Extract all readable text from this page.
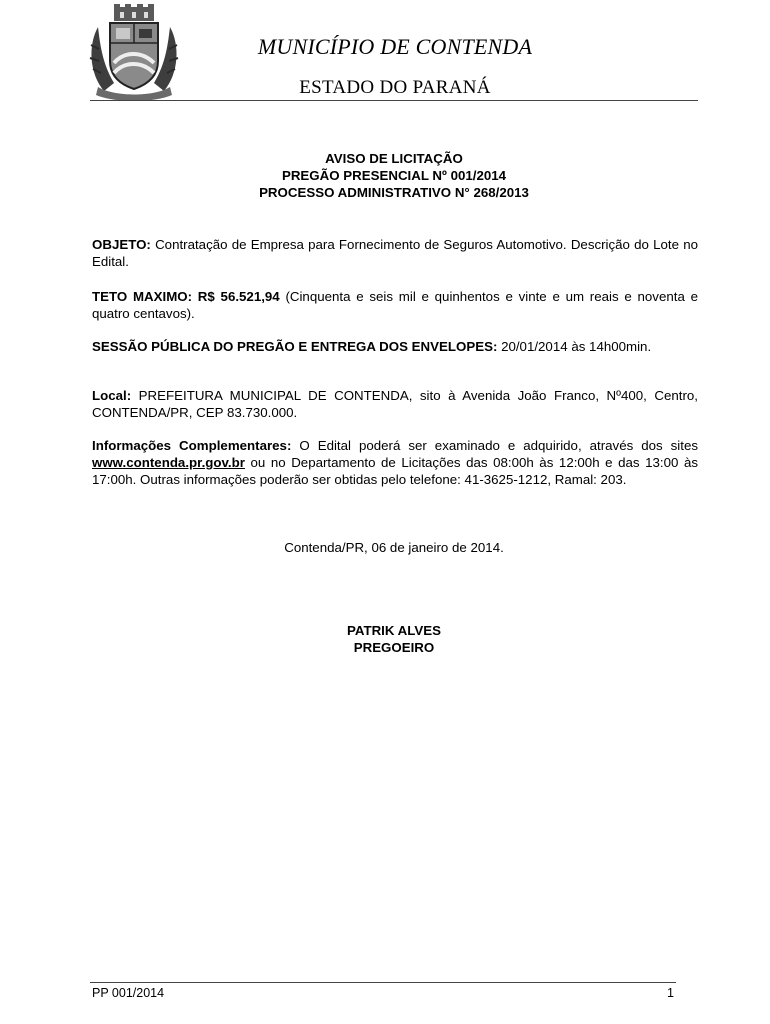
MUNICÍPIO DE CONTENDA
ESTADO DO PARANÁ
AVISO DE LICITAÇÃO
PREGÃO PRESENCIAL Nº 001/2014
PROCESSO ADMINISTRATIVO N° 268/2013
OBJETO: Contratação de Empresa para Fornecimento de Seguros Automotivo. Descrição do Lote no Edital.
TETO MAXIMO: R$ 56.521,94 (Cinquenta e seis mil e quinhentos e vinte e um reais e noventa e quatro centavos).
SESSÃO PÚBLICA DO PREGÃO E ENTREGA DOS ENVELOPES: 20/01/2014 às 14h00min.
Local: PREFEITURA MUNICIPAL DE CONTENDA, sito à Avenida João Franco, Nº400, Centro, CONTENDA/PR, CEP 83.730.000.
Informações Complementares: O Edital poderá ser examinado e adquirido, através dos sites www.contenda.pr.gov.br ou no Departamento de Licitações das 08:00h às 12:00h e das 13:00 às 17:00h. Outras informações poderão ser obtidas pelo telefone: 41-3625-1212, Ramal: 203.
Contenda/PR, 06 de janeiro de 2014.
PATRIK ALVES
PREGOEIRO
PP 001/2014	1
